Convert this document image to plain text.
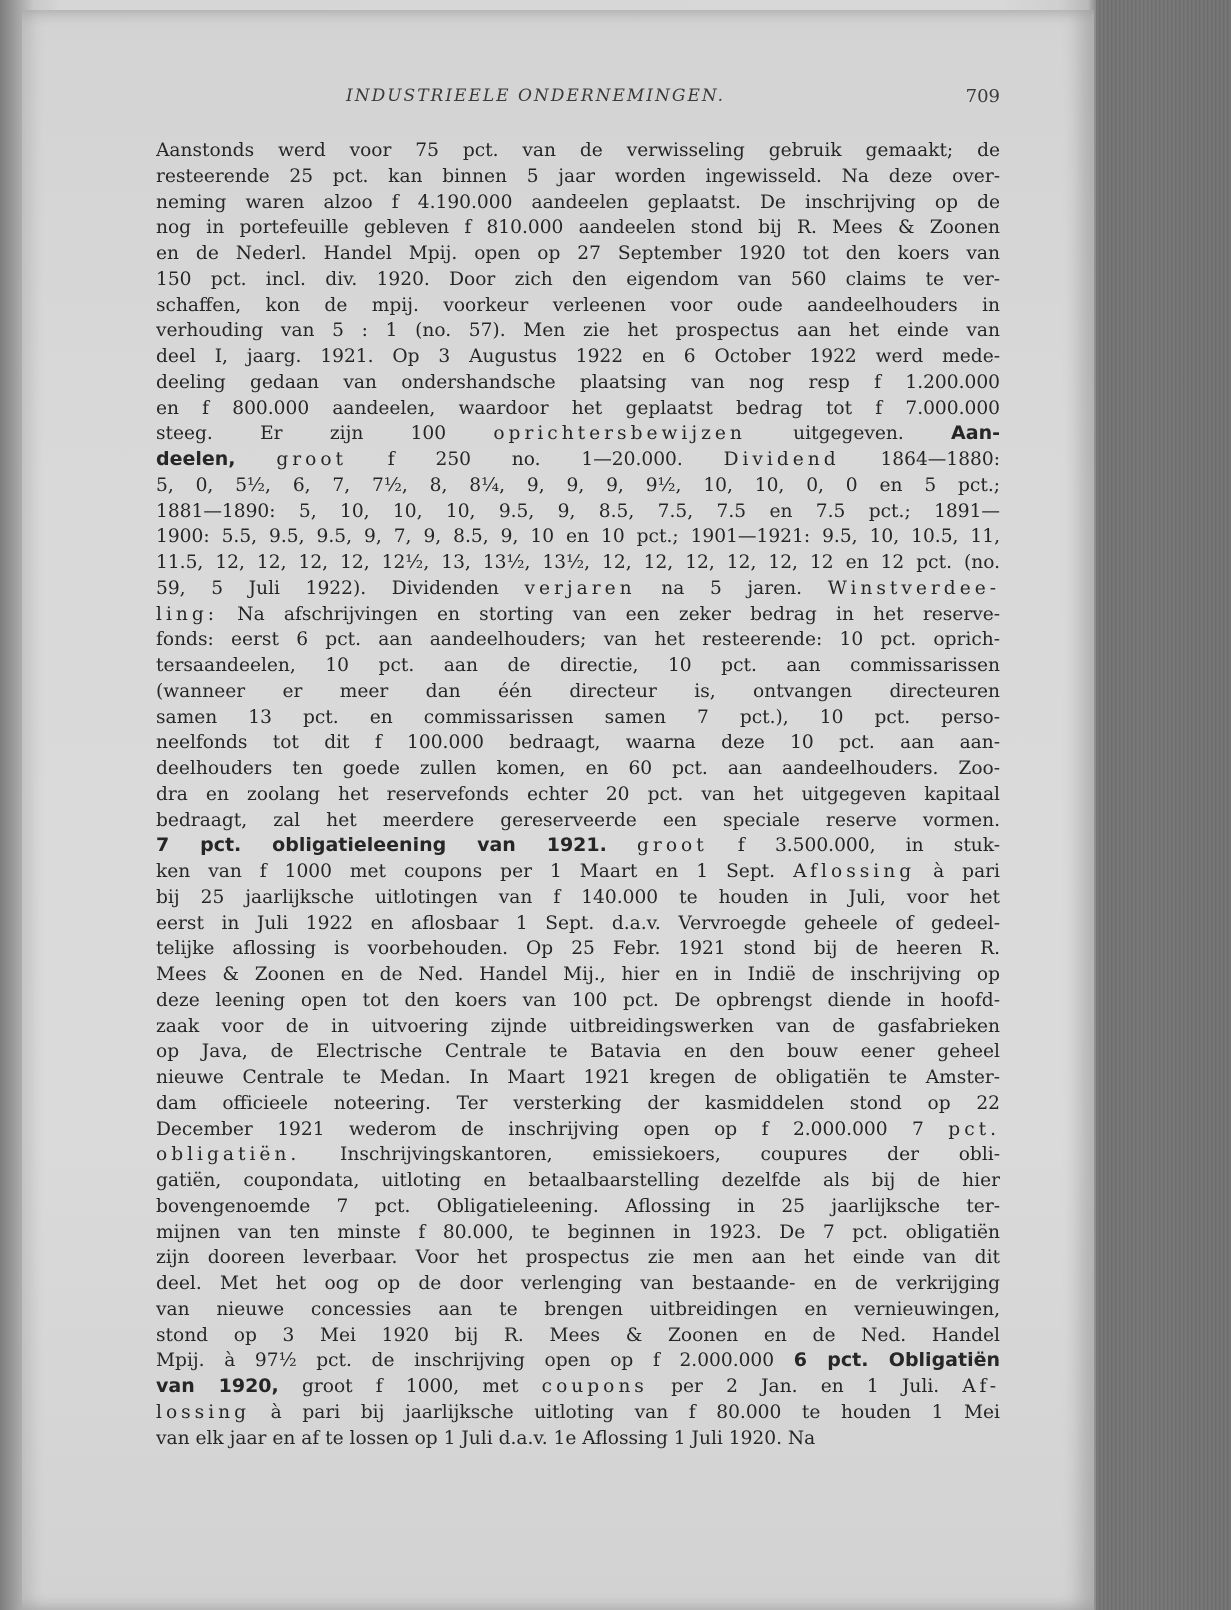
INDUSTRIEELE ONDERNEMINGEN.	709
Aanstonds werd voor 75 pct. van de verwisseling gebruik gemaakt; de
resteerende 25 pct. kan binnen 5 jaar worden ingewisseld. Na deze over-
neming waren alzoo f 4.190.000 aandeelen geplaatst. De inschrijving op de
nog in portefeuille gebleven f 810.000 aandeelen stond bij R. Mees & Zoonen
en de Nederl. Handel Mpij. open op 27 September 1920 tot den koers van
150 pct. incl. div. 1920. Door zich den eigendom van 560 claims te ver-
schaffen, kon de mpij. voorkeur verleenen voor oude aandeelhouders in
verhouding van 5 : 1 (no. 57). Men zie het prospectus aan het einde van
deel I, jaarg. 1921. Op 3 Augustus 1922 en 6 October 1922 werd mede-
deeling gedaan van ondershandsche plaatsing van nog resp f 1.200.000
en f 800.000 aandeelen, waardoor het geplaatst bedrag tot f 7.000.000
steeg. Er zijn 100 oprichtersbewijzen uitgegeven. Aan-
deelen, groot f 250 no. 1—20.000. Dividend 1864—1880:
5, 0, 5½, 6, 7, 7½, 8, 8¼, 9, 9, 9, 9½, 10, 10, 0, 0 en 5 pct.;
1881—1890: 5, 10, 10, 10, 9.5, 9, 8.5, 7.5, 7.5 en 7.5 pct.; 1891—
1900: 5.5, 9.5, 9.5, 9, 7, 9, 8.5, 9, 10 en 10 pct.; 1901—1921: 9.5, 10, 10.5, 11,
11.5, 12, 12, 12, 12, 12½, 13, 13½, 13½, 12, 12, 12, 12, 12, 12 en 12 pct. (no.
59, 5 Juli 1922). Dividenden verjaren na 5 jaren. Winstverdee-
ling: Na afschrijvingen en storting van een zeker bedrag in het reserve-
fonds: eerst 6 pct. aan aandeelhouders; van het resteerende: 10 pct. oprich-
tersaandeelen, 10 pct. aan de directie, 10 pct. aan commissarissen
(wanneer er meer dan één directeur is, ontvangen directeuren
samen 13 pct. en commissarissen samen 7 pct.), 10 pct. perso-
neelfonds tot dit f 100.000 bedraagt, waarna deze 10 pct. aan aan-
deelhouders ten goede zullen komen, en 60 pct. aan aandeelhouders. Zoo-
dra en zoolang het reservefonds echter 20 pct. van het uitgegeven kapitaal
bedraagt, zal het meerdere gereserveerde een speciale reserve vormen.
7 pct. obligatieleening van 1921. groot f 3.500.000, in stuk-
ken van f 1000 met coupons per 1 Maart en 1 Sept. Aflossing à pari
bij 25 jaarlijksche uitlotingen van f 140.000 te houden in Juli, voor het
eerst in Juli 1922 en aflosbaar 1 Sept. d.a.v. Vervroegde geheele of gedeel-
telijke aflossing is voorbehouden. Op 25 Febr. 1921 stond bij de heeren R.
Mees & Zoonen en de Ned. Handel Mij., hier en in Indië de inschrijving op
deze leening open tot den koers van 100 pct. De opbrengst diende in hoofd-
zaak voor de in uitvoering zijnde uitbreidingswerken van de gasfabrieken
op Java, de Electrische Centrale te Batavia en den bouw eener geheel
nieuwe Centrale te Medan. In Maart 1921 kregen de obligatiën te Amster-
dam officieele noteering. Ter versterking der kasmiddelen stond op 22
December 1921 wederom de inschrijving open op f 2.000.000 7 pct.
obligatiën. Inschrijvingskantoren, emissiekoers, coupures der obli-
gatiën, coupondata, uitloting en betaalbaarstelling dezelfde als bij de hier
bovengenoemde 7 pct. Obligatieleening. Aflossing in 25 jaarlijksche ter-
mijnen van ten minste f 80.000, te beginnen in 1923. De 7 pct. obligatiën
zijn dooreen leverbaar. Voor het prospectus zie men aan het einde van dit
deel. Met het oog op de door verlenging van bestaande- en de verkrijging
van nieuwe concessies aan te brengen uitbreidingen en vernieuwingen,
stond op 3 Mei 1920 bij R. Mees & Zoonen en de Ned. Handel
Mpij. à 97½ pct. de inschrijving open op f 2.000.000 6 pct. Obligatiën
van 1920, groot f 1000, met coupons per 2 Jan. en 1 Juli. Af-
lossing à pari bij jaarlijksche uitloting van f 80.000 te houden 1 Mei
van elk jaar en af te lossen op 1 Juli d.a.v. 1e Aflossing 1 Juli 1920. Na
